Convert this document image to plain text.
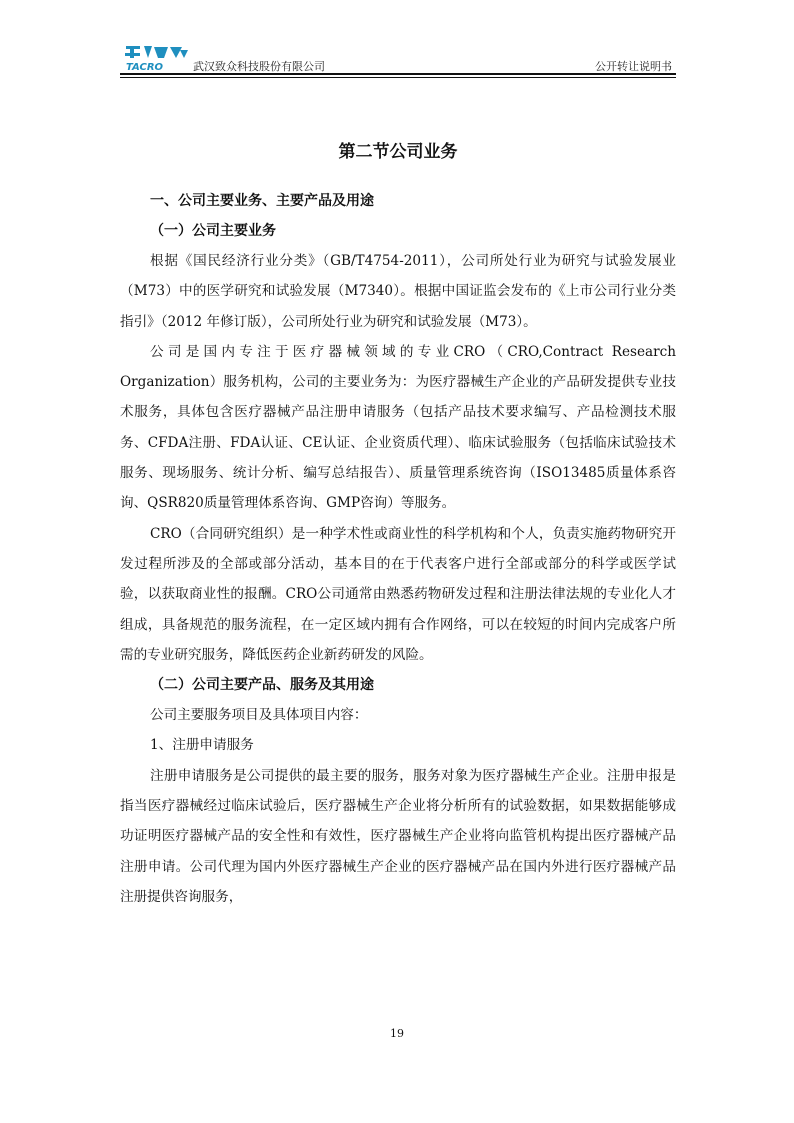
TACRO	武汉致众科技股份有限公司	公开转让说明书
第二节公司业务
一、公司主要业务、主要产品及用途
（一）公司主要业务

根据《国民经济行业分类》（GB/T4754-2011），公司所处行业为研究与试验发展业（M73）中的医学研究和试验发展（M7340）。根据中国证监会发布的《上市公司行业分类指引》（2012 年修订版），公司所处行业为研究和试验发展（M73）。

公司是国内专注于医疗器械领域的专业CRO（CRO,Contract Research Organization）服务机构，公司的主要业务为：为医疗器械生产企业的产品研发提供专业技术服务，具体包含医疗器械产品注册申请服务（包括产品技术要求编写、产品检测技术服务、CFDA注册、FDA认证、CE认证、企业资质代理）、临床试验服务（包括临床试验技术服务、现场服务、统计分析、编写总结报告）、质量管理系统咨询（ISO13485质量体系咨询、QSR820质量管理体系咨询、GMP咨询）等服务。

CRO（合同研究组织）是一种学术性或商业性的科学机构和个人，负责实施药物研究开发过程所涉及的全部或部分活动，基本目的在于代表客户进行全部或部分的科学或医学试验，以获取商业性的报酬。CRO公司通常由熟悉药物研发过程和注册法律法规的专业化人才组成，具备规范的服务流程，在一定区域内拥有合作网络，可以在较短的时间内完成客户所需的专业研究服务，降低医药企业新药研发的风险。

（二）公司主要产品、服务及其用途

公司主要服务项目及具体项目内容：

1、注册申请服务

注册申请服务是公司提供的最主要的服务，服务对象为医疗器械生产企业。注册申报是指当医疗器械经过临床试验后，医疗器械生产企业将分析所有的试验数据，如果数据能够成功证明医疗器械产品的安全性和有效性，医疗器械生产企业将向监管机构提出医疗器械产品注册申请。公司代理为国内外医疗器械生产企业的医疗器械产品在国内外进行医疗器械产品注册提供咨询服务，

19
